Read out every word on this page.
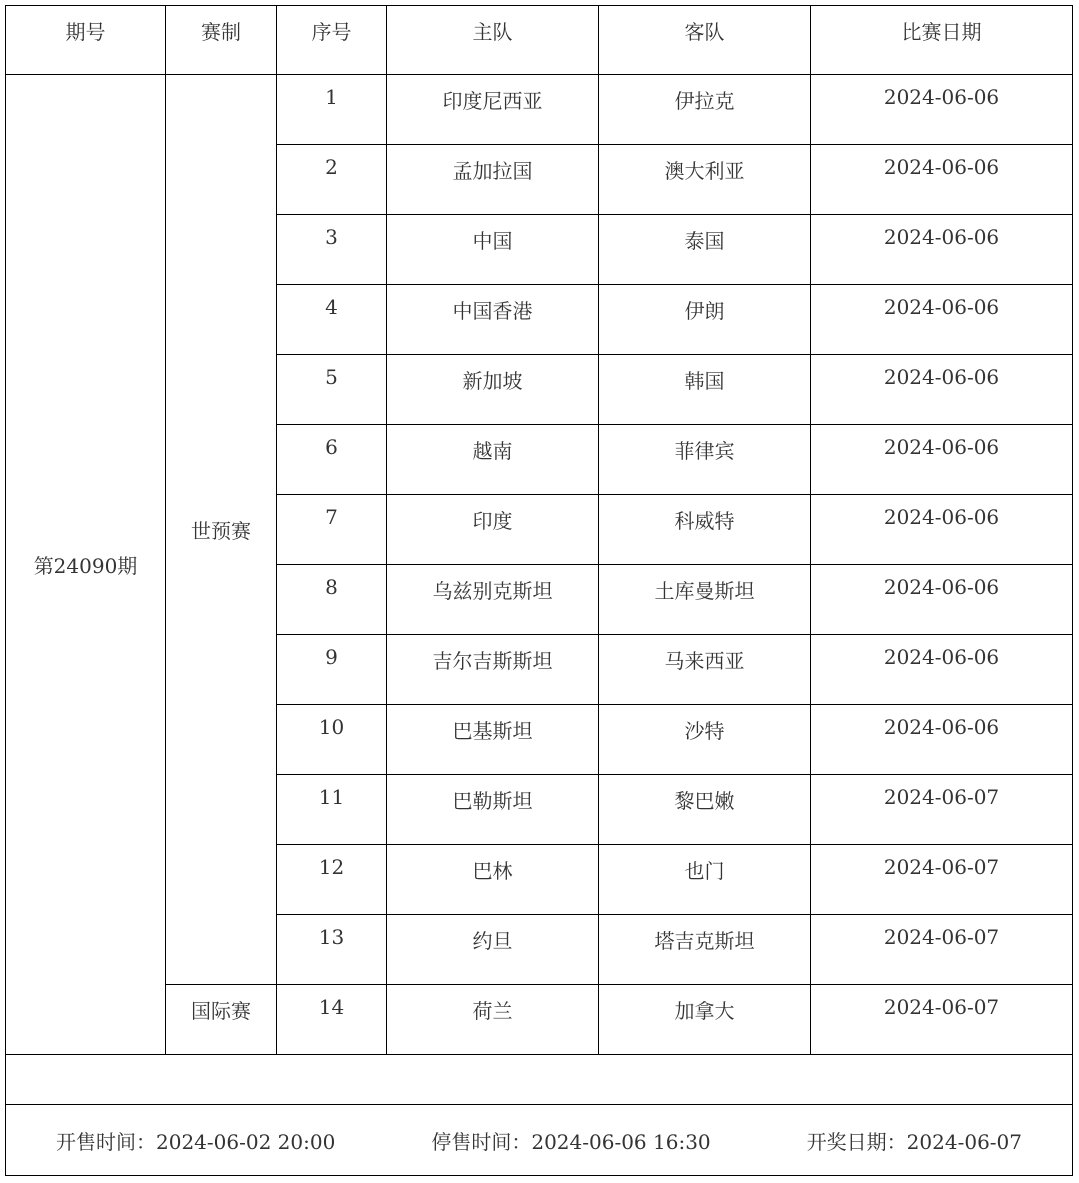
期号	赛制	序号	主队	客队	比赛日期
第24090期	世预赛	1	印度尼西亚	伊拉克	2024-06-06
		2	孟加拉国	澳大利亚	2024-06-06
		3	中国	泰国	2024-06-06
		4	中国香港	伊朗	2024-06-06
		5	新加坡	韩国	2024-06-06
		6	越南	菲律宾	2024-06-06
		7	印度	科威特	2024-06-06
		8	乌兹别克斯坦	土库曼斯坦	2024-06-06
		9	吉尔吉斯斯坦	马来西亚	2024-06-06
		10	巴基斯坦	沙特	2024-06-06
		11	巴勒斯坦	黎巴嫩	2024-06-07
		12	巴林	也门	2024-06-07
		13	约旦	塔吉克斯坦	2024-06-07
	国际赛	14	荷兰	加拿大	2024-06-07

开售时间：2024-06-02 20:00 停售时间：2024-06-06 16:30 开奖日期：2024-06-07					
